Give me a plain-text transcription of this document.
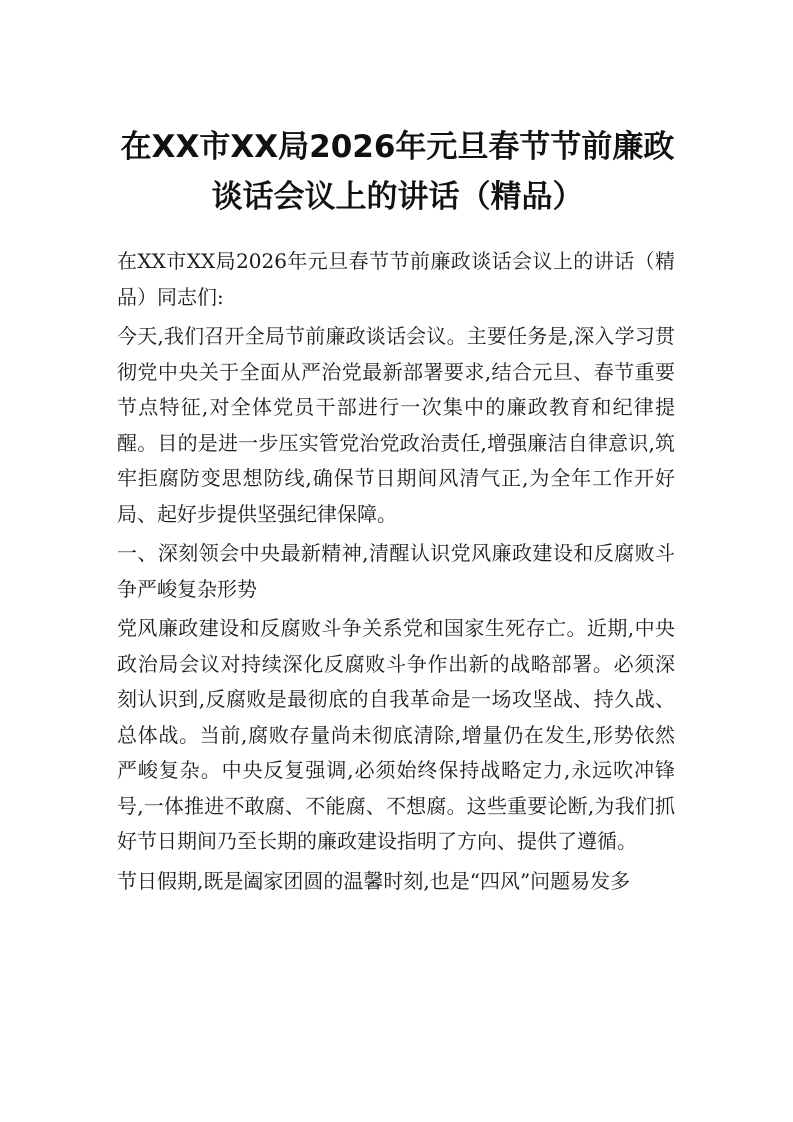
在XX市XX局2026年元旦春节节前廉政谈话会议上的讲话（精品）

在XX市XX局2026年元旦春节节前廉政谈话会议上的讲话（精品）同志们:

今天,我们召开全局节前廉政谈话会议。主要任务是,深入学习贯彻党中央关于全面从严治党最新部署要求,结合元旦、春节重要节点特征,对全体党员干部进行一次集中的廉政教育和纪律提醒。目的是进一步压实管党治党政治责任,增强廉洁自律意识,筑牢拒腐防变思想防线,确保节日期间风清气正,为全年工作开好局、起好步提供坚强纪律保障。

一、深刻领会中央最新精神,清醒认识党风廉政建设和反腐败斗争严峻复杂形势

党风廉政建设和反腐败斗争关系党和国家生死存亡。近期,中央政治局会议对持续深化反腐败斗争作出新的战略部署。必须深刻认识到,反腐败是最彻底的自我革命是一场攻坚战、持久战、总体战。当前,腐败存量尚未彻底清除,增量仍在发生,形势依然严峻复杂。中央反复强调,必须始终保持战略定力,永远吹冲锋号,一体推进不敢腐、不能腐、不想腐。这些重要论断,为我们抓好节日期间乃至长期的廉政建设指明了方向、提供了遵循。

节日假期,既是阖家团圆的温馨时刻,也是“四风”问题易发多
